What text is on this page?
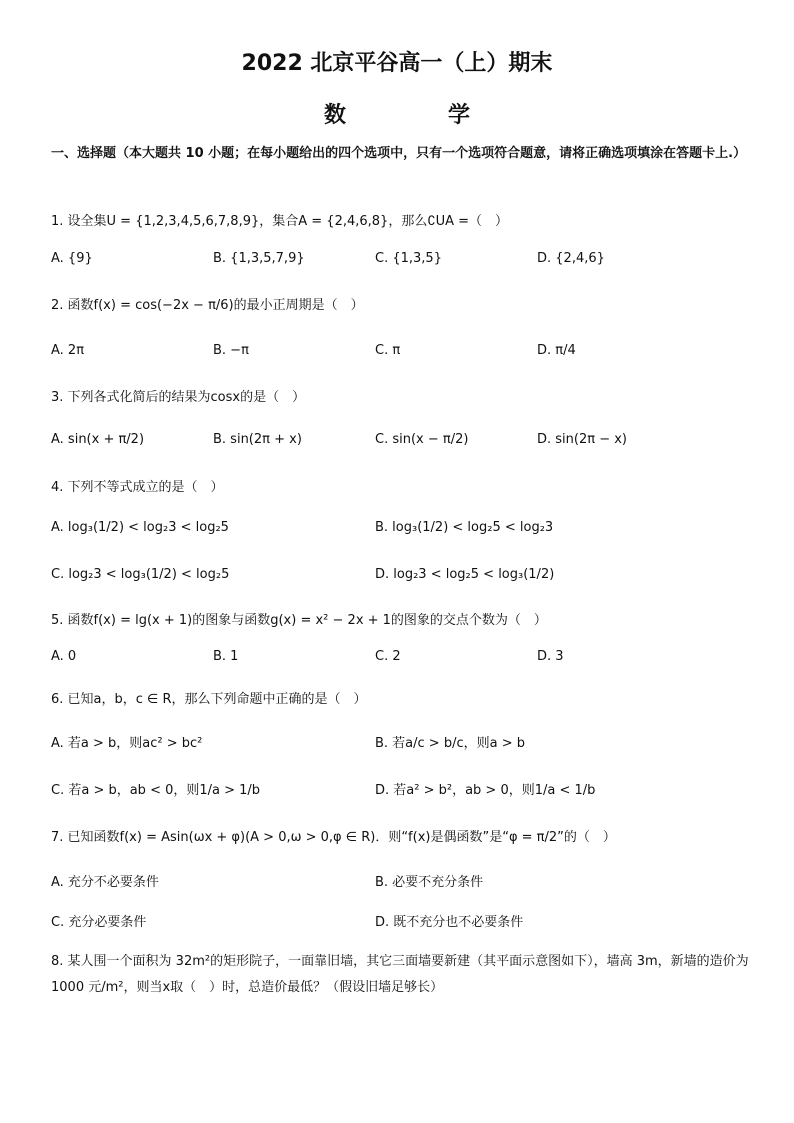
2022 北京平谷高一（上）期末
数　学
一、选择题（本大题共 10 小题；在每小题给出的四个选项中，只有一个选项符合题意，请将正确选项填涂在答题卡上.）
1. 设全集U = {1,2,3,4,5,6,7,8,9}，集合A = {2,4,6,8}，那么∁UA =（　）
A. {9}	B. {1,3,5,7,9}	C. {1,3,5}	D. {2,4,6}
2. 函数f(x) = cos(−2x − π/6)的最小正周期是（　）
A. 2π	B. −π	C. π	D. π/4
3. 下列各式化简后的结果为cosx的是（　）
A. sin(x + π/2)	B. sin(2π + x)	C. sin(x − π/2)	D. sin(2π − x)
4. 下列不等式成立的是（　）
A. log₃(1/2) < log₂3 < log₂5	B. log₃(1/2) < log₂5 < log₂3
C. log₂3 < log₃(1/2) < log₂5	D. log₂3 < log₂5 < log₃(1/2)
5. 函数f(x) = lg(x + 1)的图象与函数g(x) = x² − 2x + 1的图象的交点个数为（　）
A. 0	B. 1	C. 2	D. 3
6. 已知a，b，c ∈ R，那么下列命题中正确的是（　）
A. 若a > b，则ac² > bc²	B. 若a/c > b/c，则a > b
C. 若a > b，ab < 0，则1/a > 1/b	D. 若a² > b²，ab > 0，则1/a < 1/b
7. 已知函数f(x) = Asin(ωx + φ)(A > 0,ω > 0,φ ∈ R)．则“f(x)是偶函数”是“φ = π/2”的（　）
A. 充分不必要条件	B. 必要不充分条件
C. 充分必要条件	D. 既不充分也不必要条件
8. 某人围一个面积为 32m²的矩形院子，一面靠旧墙，其它三面墙要新建（其平面示意图如下），墙高 3m，新墙的造价为 1000 元/m²，则当x取（　）时，总造价最低？（假设旧墙足够长）
